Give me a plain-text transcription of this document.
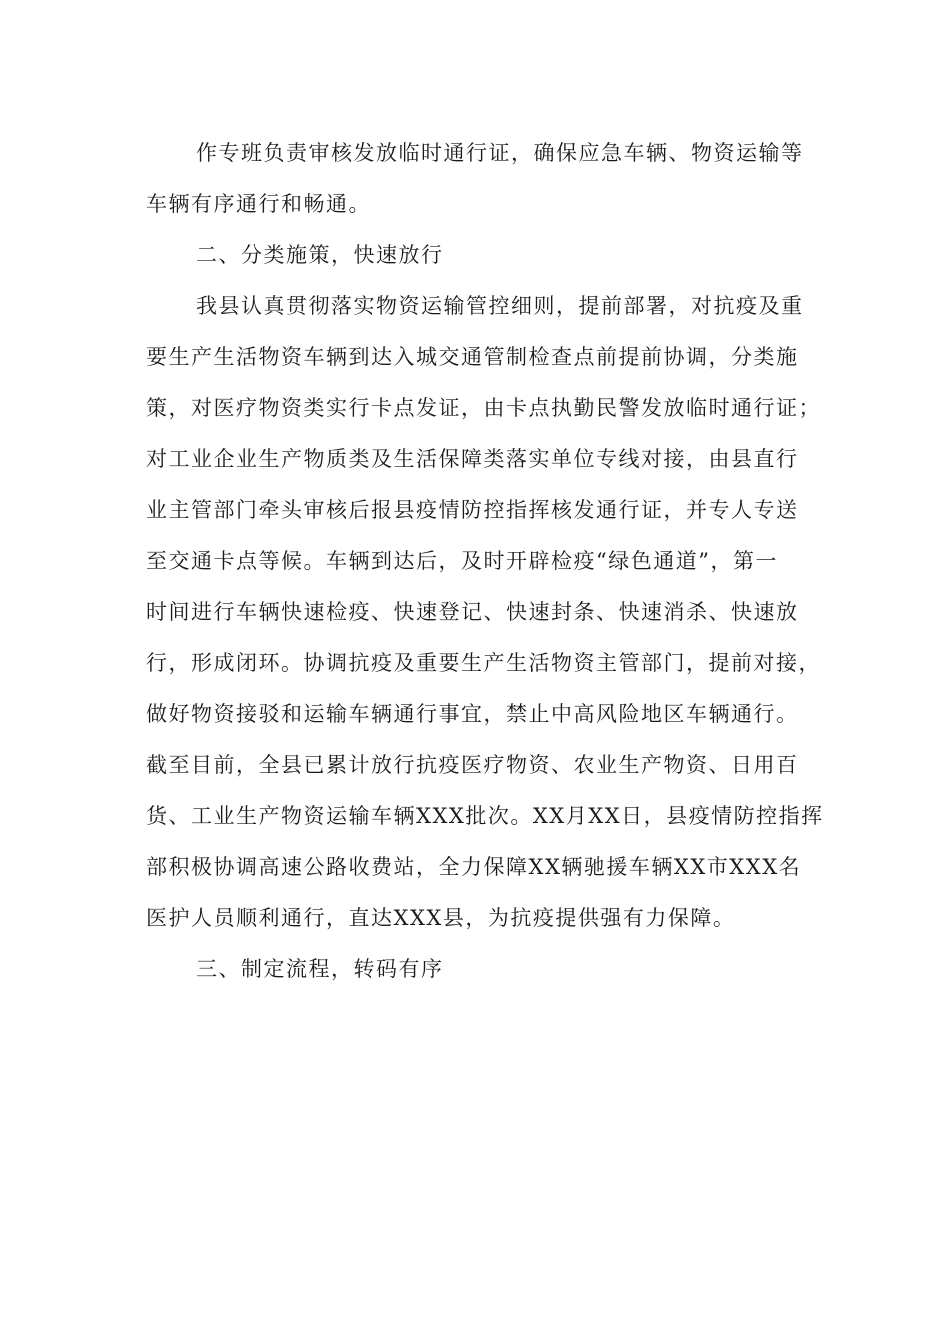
作专班负责审核发放临时通行证，确保应急车辆、物资运输等
车辆有序通行和畅通。
二、分类施策，快速放行
我县认真贯彻落实物资运输管控细则，提前部署，对抗疫及重
要生产生活物资车辆到达入城交通管制检查点前提前协调，分类施
策，对医疗物资类实行卡点发证，由卡点执勤民警发放临时通行证；
对工业企业生产物质类及生活保障类落实单位专线对接，由县直行
业主管部门牵头审核后报县疫情防控指挥核发通行证，并专人专送
至交通卡点等候。车辆到达后，及时开辟检疫“绿色通道”，第一
时间进行车辆快速检疫、快速登记、快速封条、快速消杀、快速放
行，形成闭环。协调抗疫及重要生产生活物资主管部门，提前对接，
做好物资接驳和运输车辆通行事宜，禁止中高风险地区车辆通行。
截至目前，全县已累计放行抗疫医疗物资、农业生产物资、日用百
货、工业生产物资运输车辆XXX批次。XX月XX日，县疫情防控指挥
部积极协调高速公路收费站，全力保障XX辆驰援车辆XX市XXX名
医护人员顺利通行，直达XXX县，为抗疫提供强有力保障。
三、制定流程，转码有序
